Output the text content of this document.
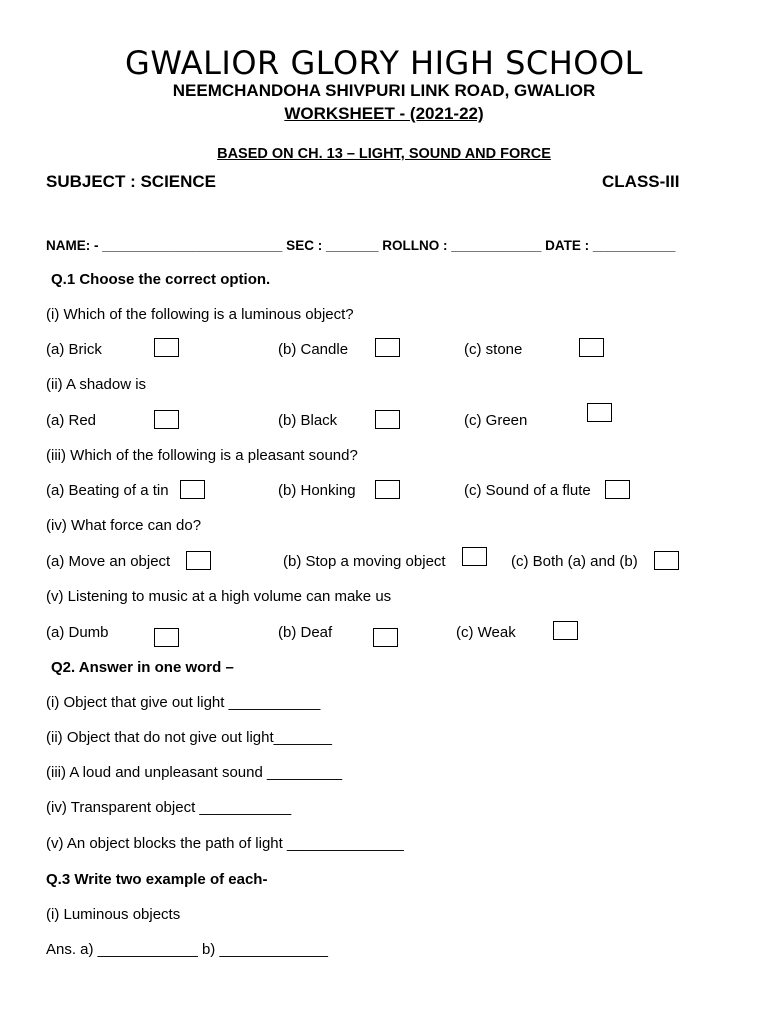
GWALIOR GLORY HIGH SCHOOL
NEEMCHANDOHA SHIVPURI LINK ROAD, GWALIOR
WORKSHEET - (2021-22)
BASED ON CH. 13 – LIGHT, SOUND AND FORCE
SUBJECT : SCIENCE	CLASS-III
NAME: - ________________________ SEC : _______ ROLLNO : ____________ DATE : ___________
Q.1 Choose the correct option.
(i) Which of the following is a luminous object?
(a) Brick	(b) Candle	(c) stone
(ii) A shadow is
(a) Red	(b) Black	(c) Green
(iii) Which of the following is a pleasant sound?
(a) Beating of a tin	(b) Honking	(c) Sound of a flute
(iv) What force can do?
(a) Move an object	(b) Stop a moving object	(c) Both (a) and (b)
(v) Listening to music at a high volume can make us
(a) Dumb	(b) Deaf	(c) Weak
Q2. Answer in one word –
(i) Object that give out light ___________
(ii) Object that do not give out light_______
(iii) A loud and unpleasant sound _________
(iv) Transparent object ___________
(v) An object blocks the path of light ______________
Q.3 Write two example of each-
(i) Luminous objects
Ans. a) ____________ b) _____________
